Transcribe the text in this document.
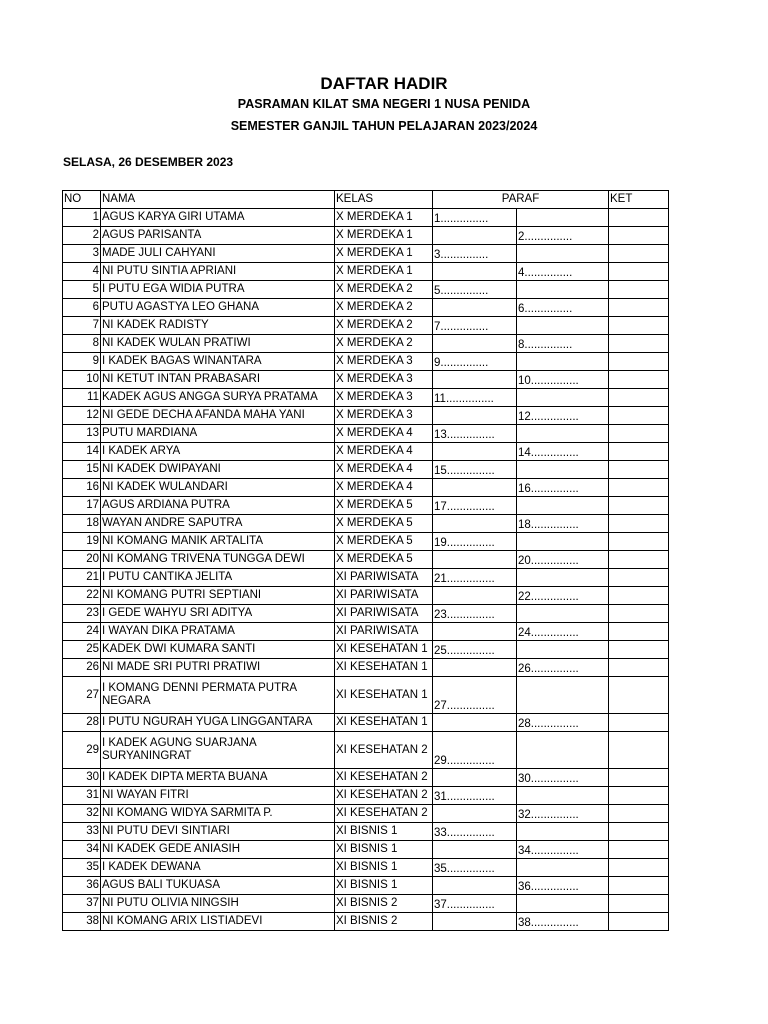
DAFTAR HADIR
PASRAMAN KILAT SMA NEGERI 1 NUSA PENIDA
SEMESTER GANJIL TAHUN PELAJARAN 2023/2024
SELASA, 26 DESEMBER 2023
NO	NAMA	KELAS	PARAF		KET
1	AGUS KARYA GIRI UTAMA	X MERDEKA 1	1...............		
2	AGUS PARISANTA	X MERDEKA 1		2...............	
3	MADE JULI CAHYANI	X MERDEKA 1	3...............		
4	NI PUTU SINTIA APRIANI	X MERDEKA 1		4...............	
5	I PUTU EGA WIDIA PUTRA	X MERDEKA 2	5...............		
6	PUTU AGASTYA LEO GHANA	X MERDEKA 2		6...............	
7	NI KADEK RADISTY	X MERDEKA 2	7...............		
8	NI KADEK WULAN PRATIWI	X MERDEKA 2		8...............	
9	I KADEK BAGAS WINANTARA	X MERDEKA 3	9...............		
10	NI KETUT INTAN PRABASARI	X MERDEKA 3		10...............	
11	KADEK AGUS ANGGA SURYA PRATAMA	X MERDEKA 3	11...............		
12	NI GEDE DECHA AFANDA MAHA YANI	X MERDEKA 3		12...............	
13	PUTU MARDIANA	X MERDEKA 4	13...............		
14	I KADEK ARYA	X MERDEKA 4		14...............	
15	NI KADEK DWIPAYANI	X MERDEKA 4	15...............		
16	NI KADEK WULANDARI	X MERDEKA 4		16...............	
17	AGUS ARDIANA PUTRA	X MERDEKA 5	17...............		
18	WAYAN ANDRE SAPUTRA	X MERDEKA 5		18...............	
19	NI KOMANG MANIK ARTALITA	X MERDEKA 5	19...............		
20	NI KOMANG TRIVENA TUNGGA DEWI	X MERDEKA 5		20...............	
21	I PUTU CANTIKA JELITA	XI PARIWISATA	21...............		
22	NI KOMANG PUTRI SEPTIANI	XI PARIWISATA		22...............	
23	I GEDE WAHYU SRI ADITYA	XI PARIWISATA	23...............		
24	I WAYAN DIKA PRATAMA	XI PARIWISATA		24...............	
25	KADEK DWI KUMARA SANTI	XI KESEHATAN 1	25...............		
26	NI MADE SRI PUTRI PRATIWI	XI KESEHATAN 1		26...............	
27	I KOMANG DENNI PERMATA PUTRA NEGARA	XI KESEHATAN 1	27...............		
28	I PUTU NGURAH YUGA LINGGANTARA	XI KESEHATAN 1		28...............	
29	I KADEK AGUNG SUARJANA SURYANINGRAT	XI KESEHATAN 2	29...............		
30	I KADEK DIPTA MERTA BUANA	XI KESEHATAN 2		30...............	
31	NI WAYAN FITRI	XI KESEHATAN 2	31...............		
32	NI KOMANG WIDYA SARMITA P.	XI KESEHATAN 2		32...............	
33	NI PUTU DEVI SINTIARI	XI BISNIS 1	33...............		
34	NI KADEK GEDE ANIASIH	XI BISNIS 1		34...............	
35	I KADEK DEWANA	XI BISNIS 1	35...............		
36	AGUS BALI TUKUASA	XI BISNIS 1		36...............	
37	NI PUTU OLIVIA NINGSIH	XI BISNIS 2	37...............		
38	NI KOMANG ARIX LISTIADEVI	XI BISNIS 2		38...............	
